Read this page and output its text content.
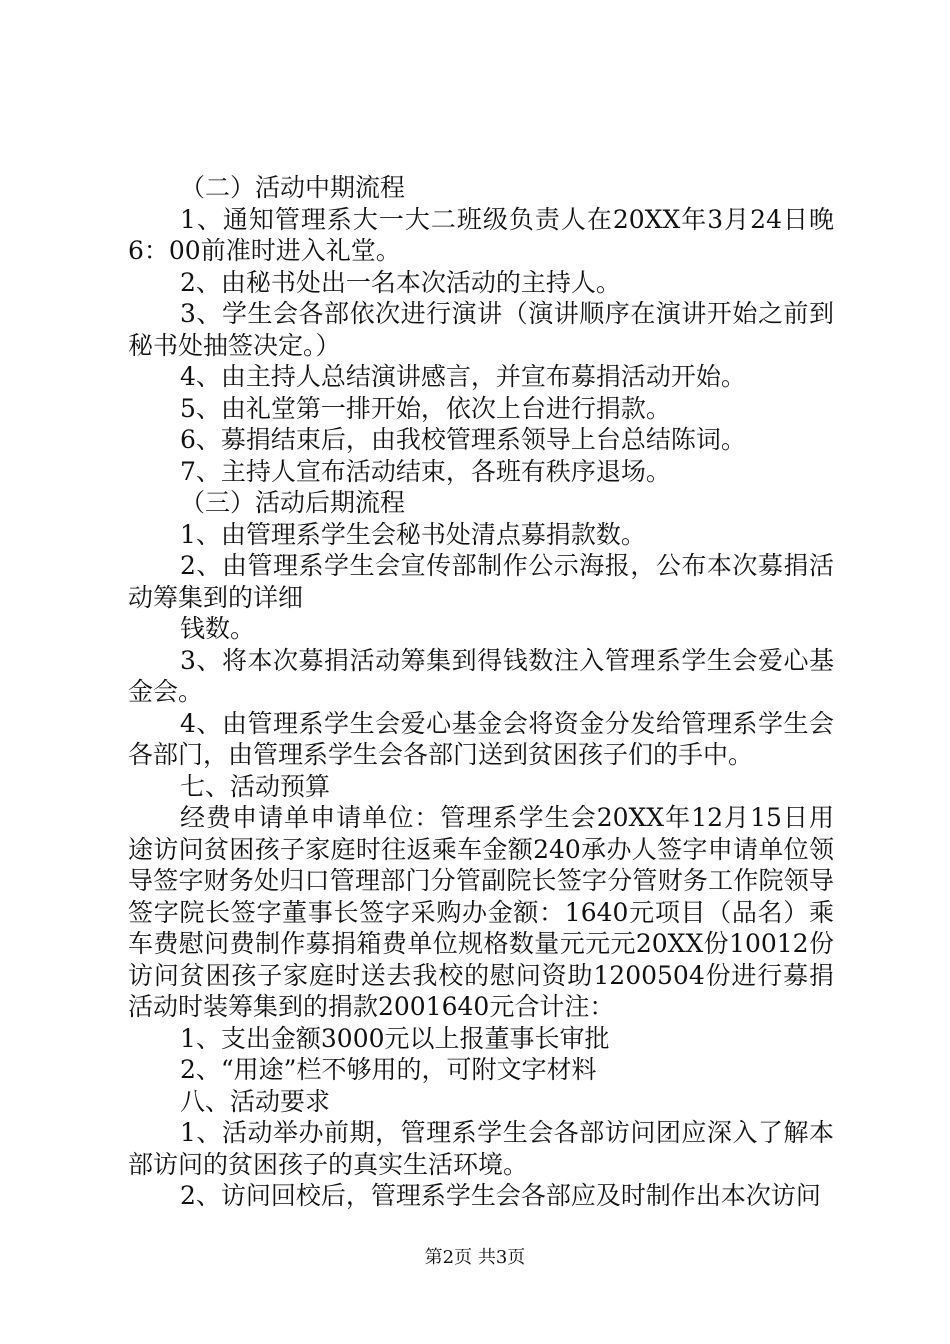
（二）活动中期流程

1、通知管理系大一大二班级负责人在20XX年3月24日晚6：00前准时进入礼堂。

2、由秘书处出一名本次活动的主持人。

3、学生会各部依次进行演讲（演讲顺序在演讲开始之前到秘书处抽签决定。）

4、由主持人总结演讲感言，并宣布募捐活动开始。

5、由礼堂第一排开始，依次上台进行捐款。

6、募捐结束后，由我校管理系领导上台总结陈词。

7、主持人宣布活动结束，各班有秩序退场。

（三）活动后期流程

1、由管理系学生会秘书处清点募捐款数。

2、由管理系学生会宣传部制作公示海报，公布本次募捐活动筹集到的详细

钱数。

3、将本次募捐活动筹集到得钱数注入管理系学生会爱心基金会。

4、由管理系学生会爱心基金会将资金分发给管理系学生会各部门，由管理系学生会各部门送到贫困孩子们的手中。

七、活动预算

经费申请单申请单位：管理系学生会20XX年12月15日用途访问贫困孩子家庭时往返乘车金额240承办人签字申请单位领导签字财务处归口管理部门分管副院长签字分管财务工作院领导签字院长签字董事长签字采购办金额：1640元项目（品名）乘车费慰问费制作募捐箱费单位规格数量元元元20XX份10012份访问贫困孩子家庭时送去我校的慰问资助1200504份进行募捐活动时装筹集到的捐款2001640元合计注：

1、支出金额3000元以上报董事长审批

2、“用途”栏不够用的，可附文字材料

八、活动要求

1、活动举办前期，管理系学生会各部访问团应深入了解本部访问的贫困孩子的真实生活环境。

2、访问回校后，管理系学生会各部应及时制作出本次访问

第2页 共3页
